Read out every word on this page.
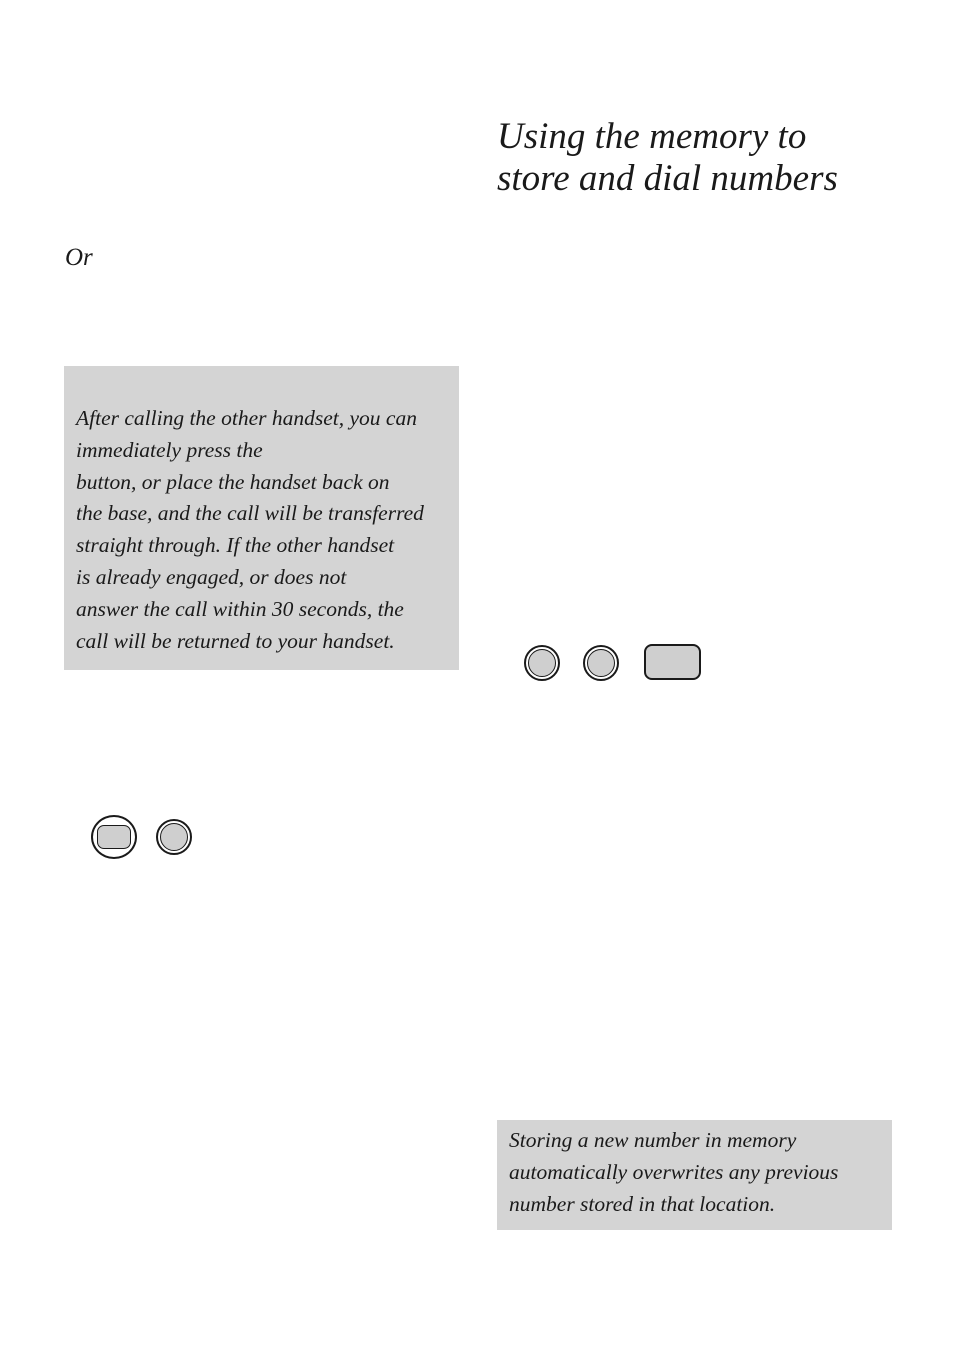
Using the memory to
store and dial numbers
Or
After calling the other handset, you can
immediately press the
button, or place the handset back on
the base, and the call will be transferred
straight through. If the other handset
is already engaged, or does not
answer the call within 30 seconds, the
call will be returned to your handset.
Storing a new number in memory
automatically overwrites any previous
number stored in that location.
